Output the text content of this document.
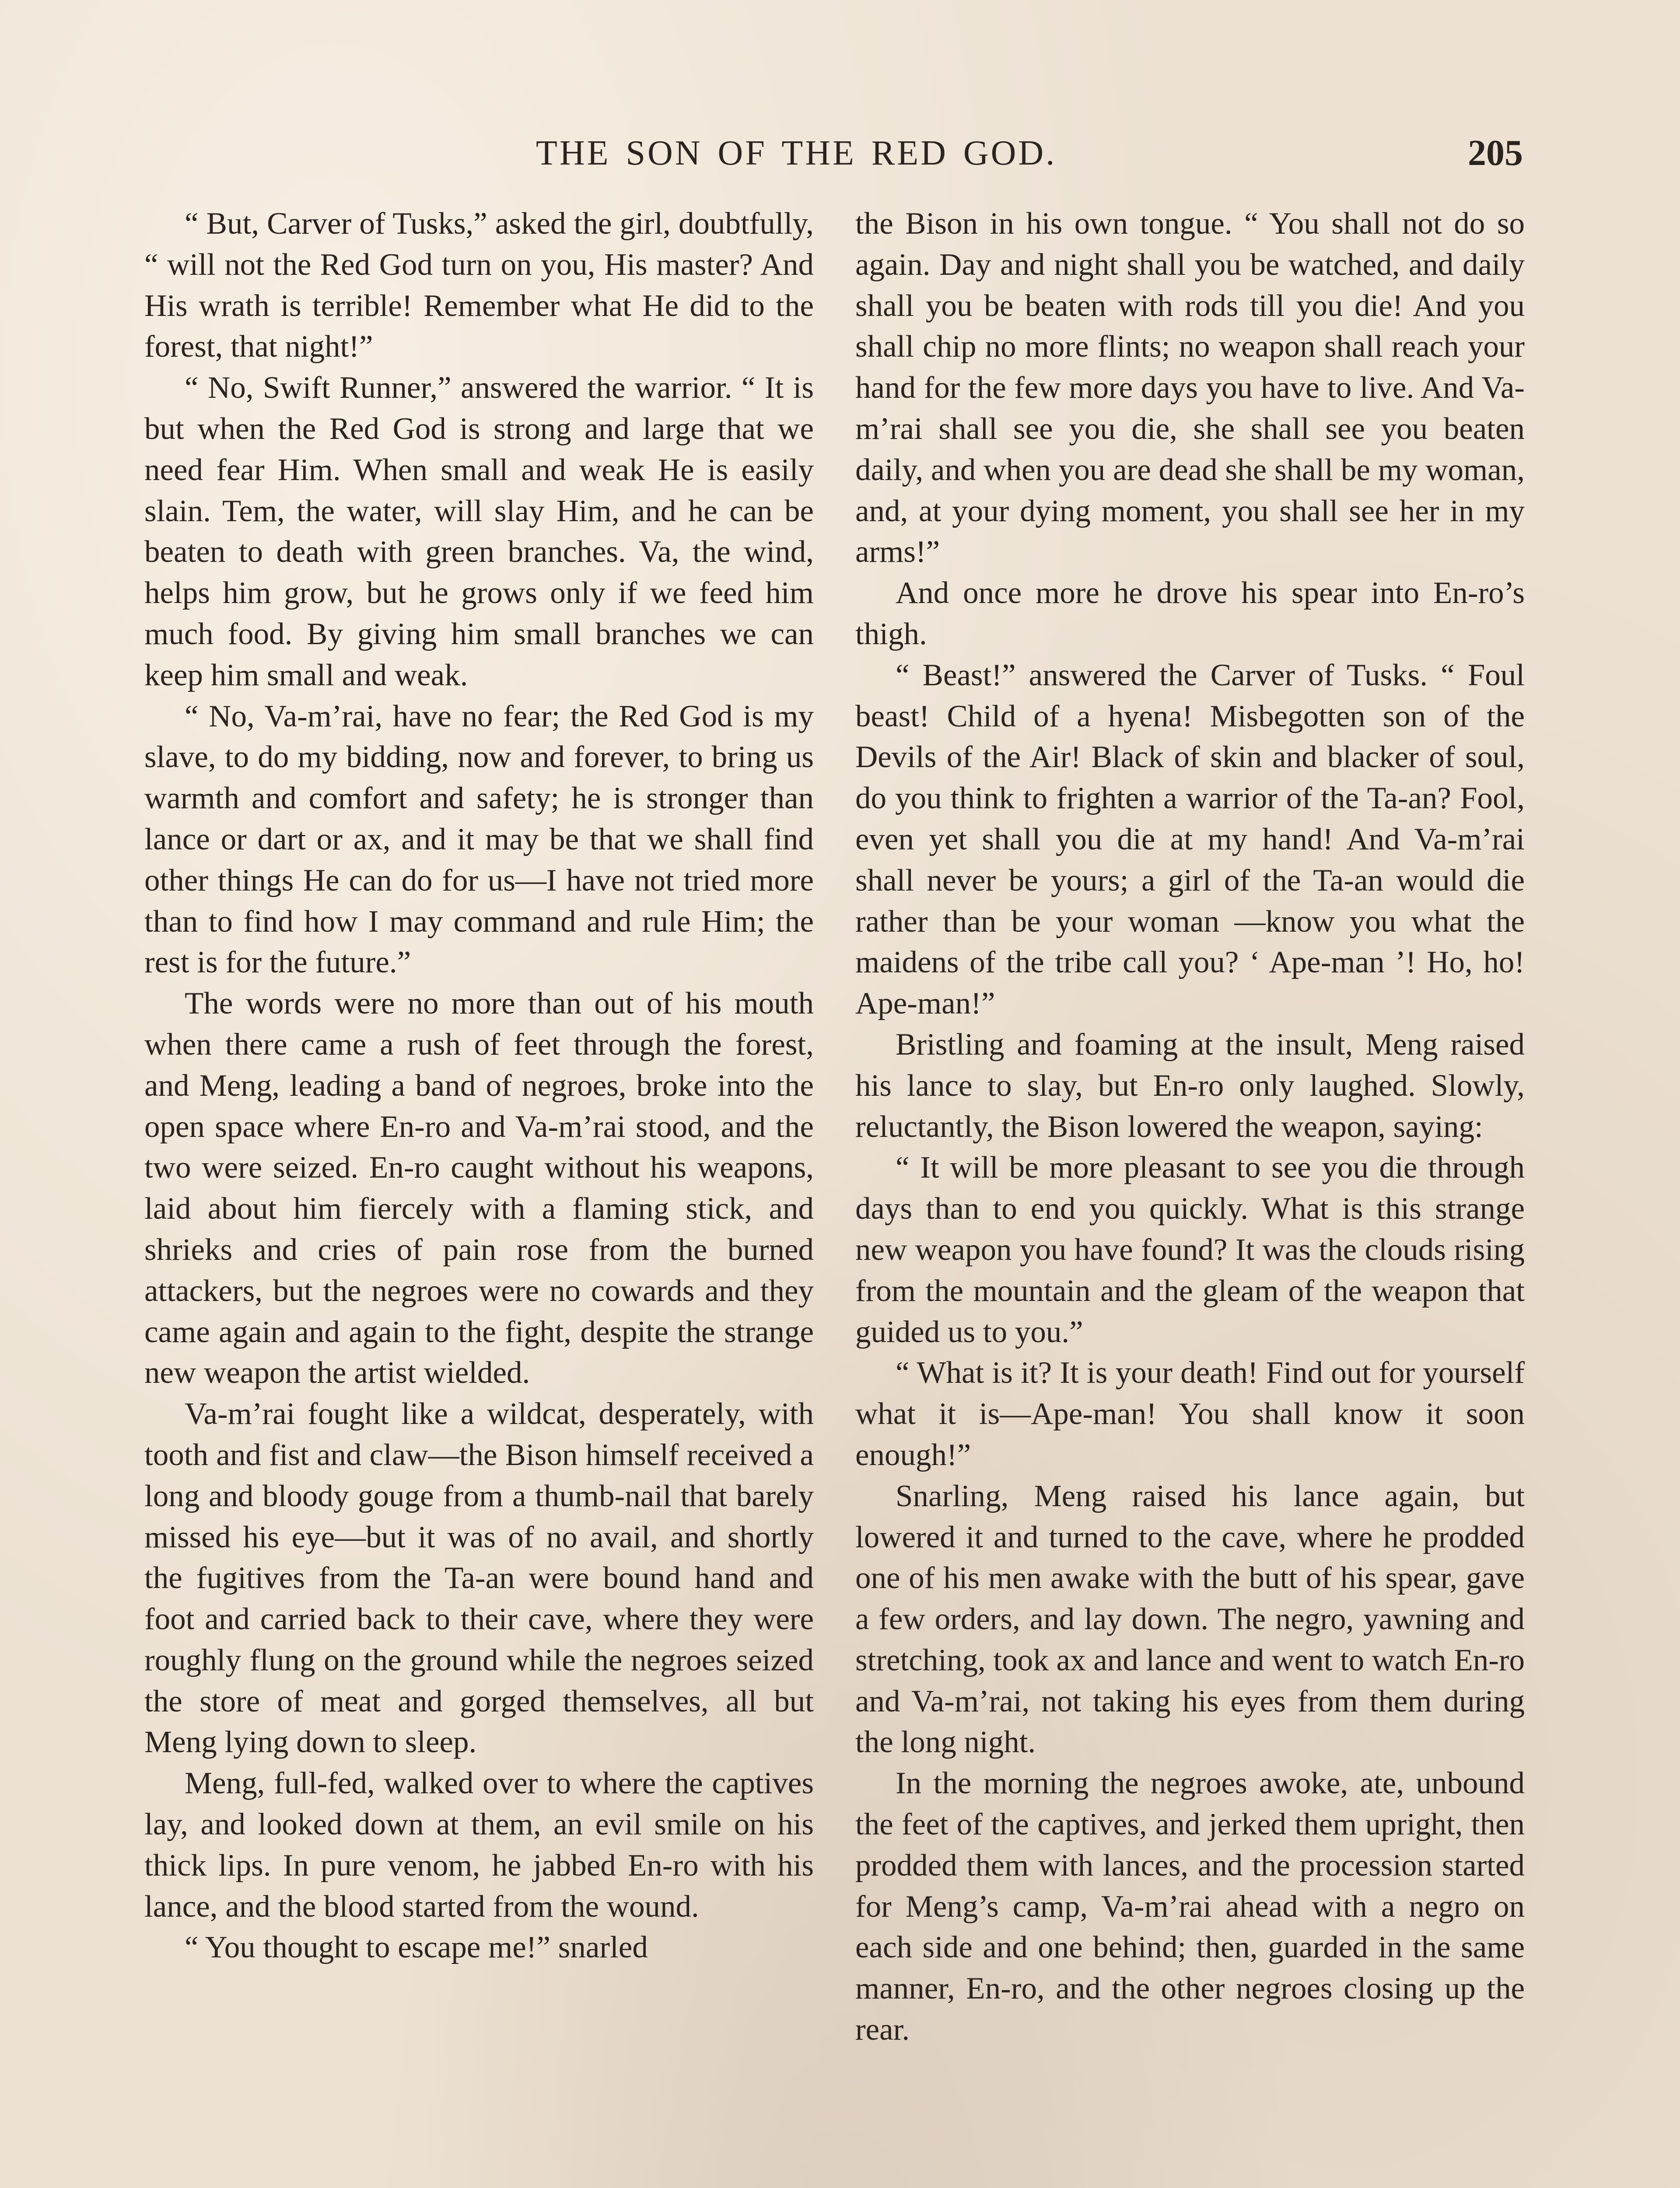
THE SON OF THE RED GOD.	205

“ But, Carver of Tusks,” asked the girl, doubtfully, “ will not the Red God turn on you, His master? And His wrath is terrible! Remember what He did to the forest, that night!”

“ No, Swift Runner,” answered the warrior. “ It is but when the Red God is strong and large that we need fear Him. When small and weak He is easily slain. Tem, the water, will slay Him, and he can be beaten to death with green branches. Va, the wind, helps him grow, but he grows only if we feed him much food. By giving him small branches we can keep him small and weak.

“ No, Va-m’rai, have no fear; the Red God is my slave, to do my bidding, now and forever, to bring us warmth and comfort and safety; he is stronger than lance or dart or ax, and it may be that we shall find other things He can do for us—I have not tried more than to find how I may command and rule Him; the rest is for the future.”

The words were no more than out of his mouth when there came a rush of feet through the forest, and Meng, leading a band of negroes, broke into the open space where En-ro and Va-m’rai stood, and the two were seized. En-ro caught without his weapons, laid about him fiercely with a flaming stick, and shrieks and cries of pain rose from the burned attackers, but the negroes were no cowards and they came again and again to the fight, despite the strange new weapon the artist wielded.

Va-m’rai fought like a wildcat, desperately, with tooth and fist and claw—the Bison himself received a long and bloody gouge from a thumb-nail that barely missed his eye—but it was of no avail, and shortly the fugitives from the Ta-an were bound hand and foot and carried back to their cave, where they were roughly flung on the ground while the negroes seized the store of meat and gorged themselves, all but Meng lying down to sleep.

Meng, full-fed, walked over to where the captives lay, and looked down at them, an evil smile on his thick lips. In pure venom, he jabbed En-ro with his lance, and the blood started from the wound.

“ You thought to escape me!” snarled

the Bison in his own tongue. “ You shall not do so again. Day and night shall you be watched, and daily shall you be beaten with rods till you die! And you shall chip no more flints; no weapon shall reach your hand for the few more days you have to live. And Va-m’rai shall see you die, she shall see you beaten daily, and when you are dead she shall be my woman, and, at your dying moment, you shall see her in my arms!”

And once more he drove his spear into En-ro’s thigh.

“ Beast!” answered the Carver of Tusks. “ Foul beast! Child of a hyena! Misbegotten son of the Devils of the Air! Black of skin and blacker of soul, do you think to frighten a warrior of the Ta-an? Fool, even yet shall you die at my hand! And Va-m’rai shall never be yours; a girl of the Ta-an would die rather than be your woman —know you what the maidens of the tribe call you? ‘ Ape-man ’! Ho, ho! Ape-man!”

Bristling and foaming at the insult, Meng raised his lance to slay, but En-ro only laughed. Slowly, reluctantly, the Bison lowered the weapon, saying:

“ It will be more pleasant to see you die through days than to end you quickly. What is this strange new weapon you have found? It was the clouds rising from the mountain and the gleam of the weapon that guided us to you.”

“ What is it? It is your death! Find out for yourself what it is—Ape-man! You shall know it soon enough!”

Snarling, Meng raised his lance again, but lowered it and turned to the cave, where he prodded one of his men awake with the butt of his spear, gave a few orders, and lay down. The negro, yawning and stretching, took ax and lance and went to watch En-ro and Va-m’rai, not taking his eyes from them during the long night.

In the morning the negroes awoke, ate, unbound the feet of the captives, and jerked them upright, then prodded them with lances, and the procession started for Meng’s camp, Va-m’rai ahead with a negro on each side and one behind; then, guarded in the same manner, En-ro, and the other negroes closing up the rear.
